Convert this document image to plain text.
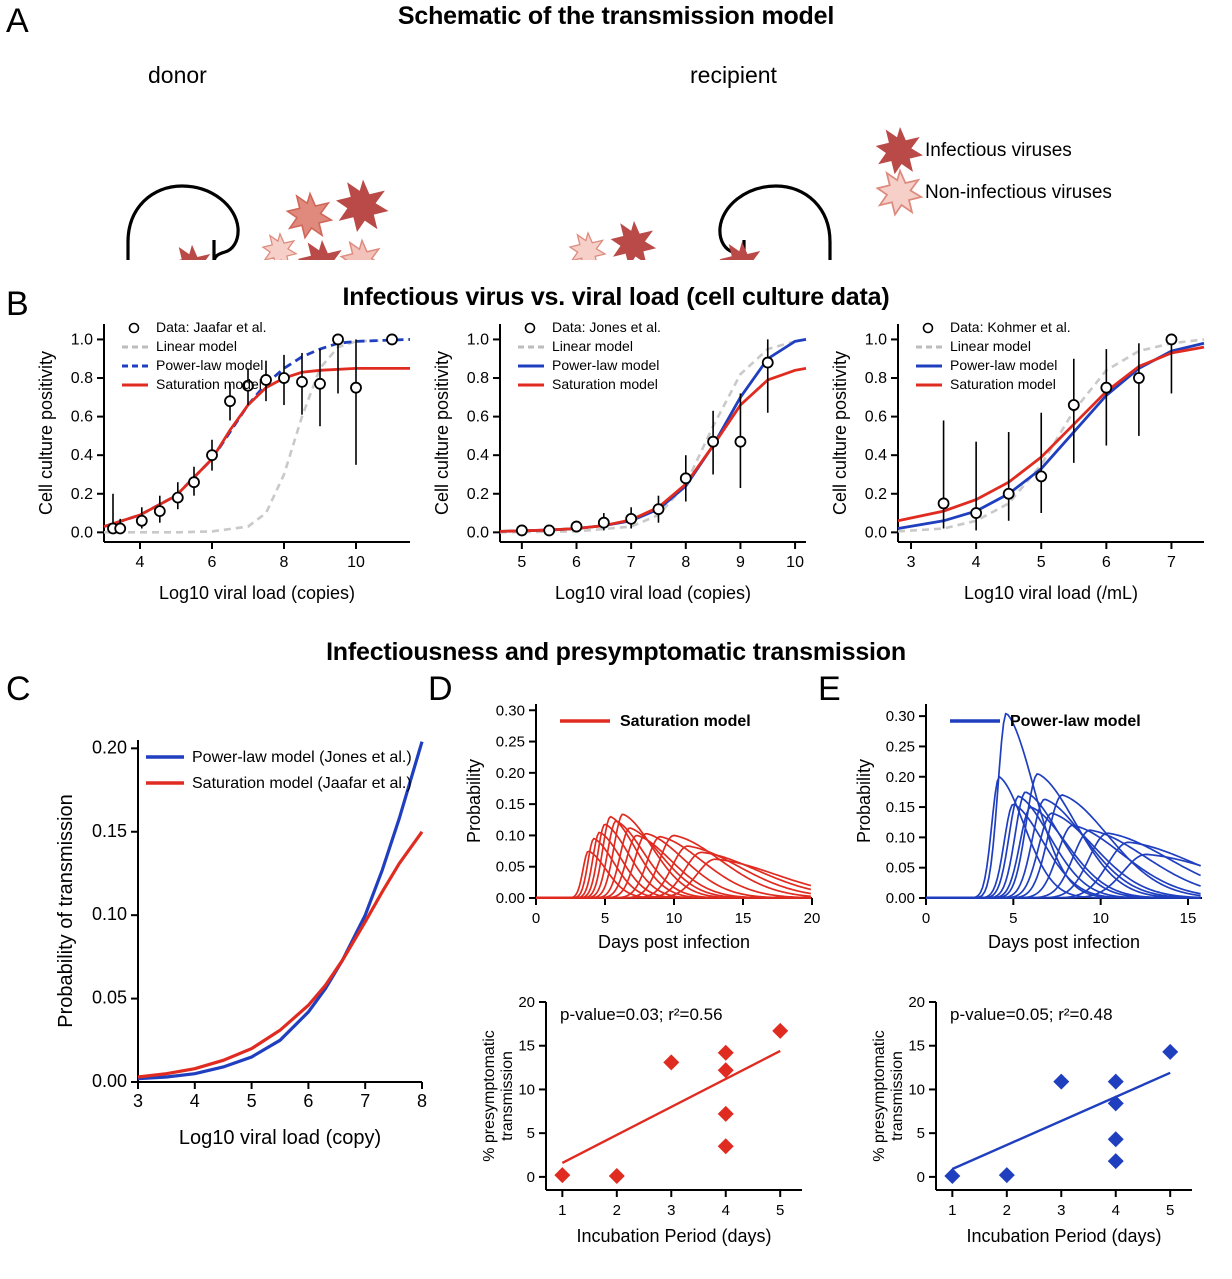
A
B
C	D	E
Schematic of the transmission model
Infectious virus vs. viral load (cell culture data)
Infectiousness and presymptomatic transmission
donor	recipient
Infectious viruses
Non-infectious viruses
4	6	8	10
0.0
0.2
0.4
0.6
0.8
1.0
Log10 viral load (copies)
Cell culture positivity
Data: Jaafar et al.
Linear model
Power-law model
Saturation model
5	6	7	8	9	10
0.0
0.2
0.4
0.6
0.8
1.0
Log10 viral load (copies)
Cell culture positivity
Data: Jones et al.
Linear model
Power-law model
Saturation model
3	4	5	6	7
0.0
0.2
0.4
0.6
0.8
1.0
Log10 viral load (/mL)
Cell culture positivity
Data: Kohmer et al.
Linear model
Power-law model
Saturation model
3	4	5	6	7	8
0.00
0.05
0.10
0.15
0.20
Log10 viral load (copy)
Probability of transmission
Power-law model (Jones et al.)
Saturation model (Jaafar et al.)
0	5	10	15	20
0.00
0.05
0.10
0.15
0.20
0.25
0.30
Days post infection
Probability
Saturation model
1	2	3	4	5
0
5
10
15
20
Incubation Period (days)
% presymptomatictransmission
p-value=0.03; r²=0.56
0	5	10	15
0.00
0.05
0.10
0.15
0.20
0.25
0.30
Days post infection
Probability
Power-law model
1	2	3	4	5
0
5
10
15
20
Incubation Period (days)
% presymptomatictransmission
p-value=0.05; r²=0.48
